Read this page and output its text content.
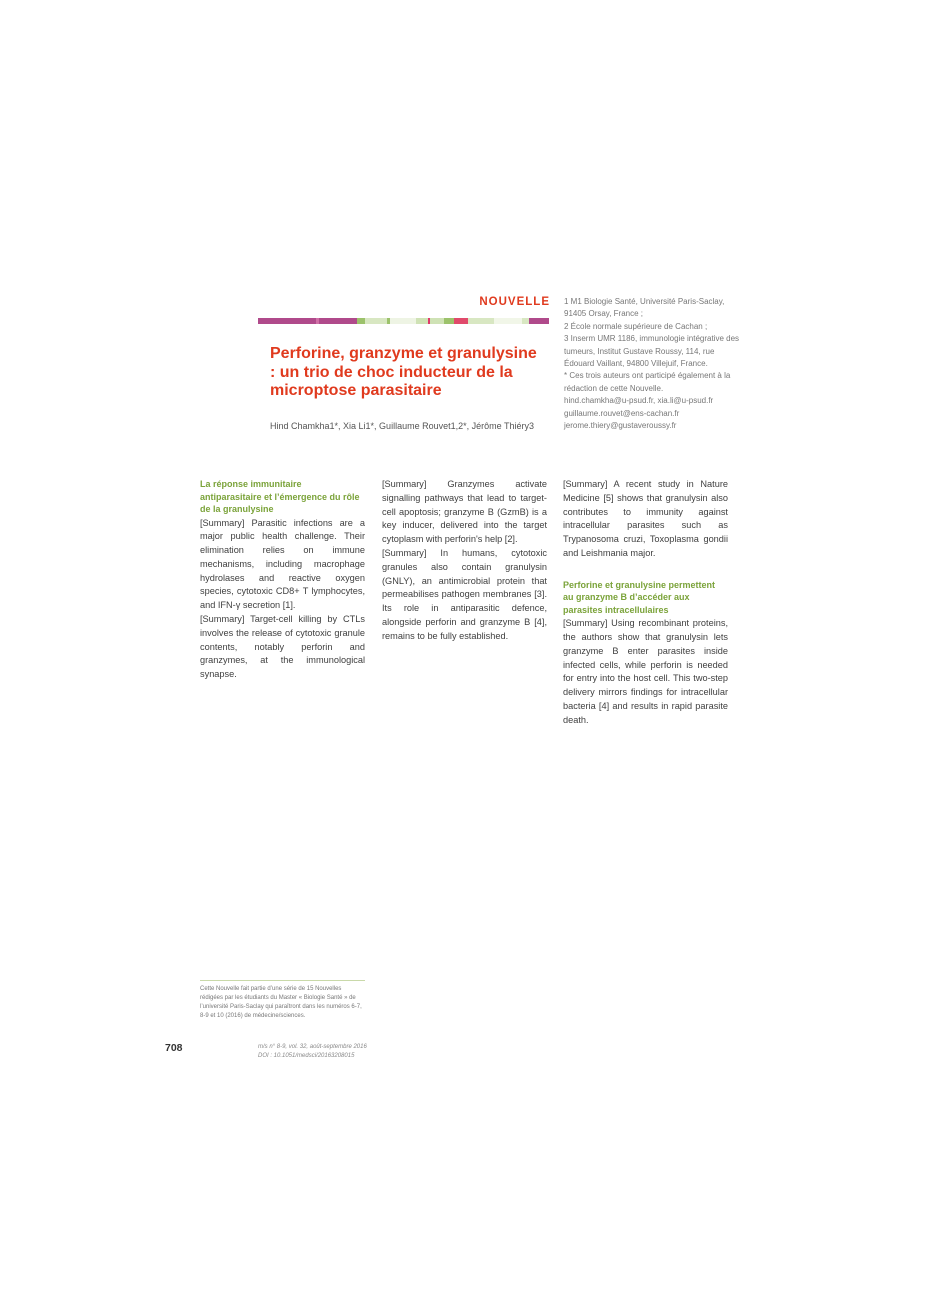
NOUVELLE
Perforine, granzyme et granulysine : un trio de choc inducteur de la microptose parasitaire
Hind Chamkha1*, Xia Li1*, Guillaume Rouvet1,2*, Jérôme Thiéry3
1 M1 Biologie Santé, Université Paris-Saclay, 91405 Orsay, France ;
2 École normale supérieure de Cachan ;
3 Inserm UMR 1186, immunologie intégrative des tumeurs, Institut Gustave Roussy, 114, rue Édouard Vaillant, 94800 Villejuif, France.
* Ces trois auteurs ont participé également à la rédaction de cette Nouvelle.
hind.chamkha@u-psud.fr, xia.li@u-psud.fr
guillaume.rouvet@ens-cachan.fr
jerome.thiery@gustaveroussy.fr
La réponse immunitaire antiparasitaire et l’émergence du rôle de la granulysine

[Summary] Parasitic infections are a major public health challenge. Their elimination relies on immune mechanisms, including macrophage hydrolases and reactive oxygen species, cytotoxic CD8+ T lymphocytes, and IFN-γ secretion [1].

[Summary] Target-cell killing by CTLs involves the release of cytotoxic granule contents, notably perforin and granzymes, at the immunological synapse.

[Summary] Granzymes activate signalling pathways that lead to target-cell apoptosis; granzyme B (GzmB) is a key inducer, delivered into the target cytoplasm with perforin's help [2].

[Summary] In humans, cytotoxic granules also contain granulysin (GNLY), an antimicrobial protein that permeabilises pathogen membranes [3]. Its role in antiparasitic defence, alongside perforin and granzyme B [4], remains to be fully established.

[Summary] A recent study in Nature Medicine [5] shows that granulysin also contributes to immunity against intracellular parasites such as Trypanosoma cruzi, Toxoplasma gondii and Leishmania major.

Perforine et granulysine permettent au granzyme B d’accéder aux parasites intracellulaires

[Summary] Using recombinant proteins, the authors show that granulysin lets granzyme B enter parasites inside infected cells, while perforin is needed for entry into the host cell. This two-step delivery mirrors findings for intracellular bacteria [4] and results in rapid parasite death.

Cette Nouvelle fait partie d’une série de 15 Nouvelles rédigées par les étudiants du Master « Biologie Santé » de l’université Paris-Saclay qui paraîtront dans les numéros 6-7, 8-9 et 10 (2016) de médecine/sciences.
708	m/s n° 8-9, vol. 32, août-septembre 2016
DOI : 10.1051/medsci/20163208015
